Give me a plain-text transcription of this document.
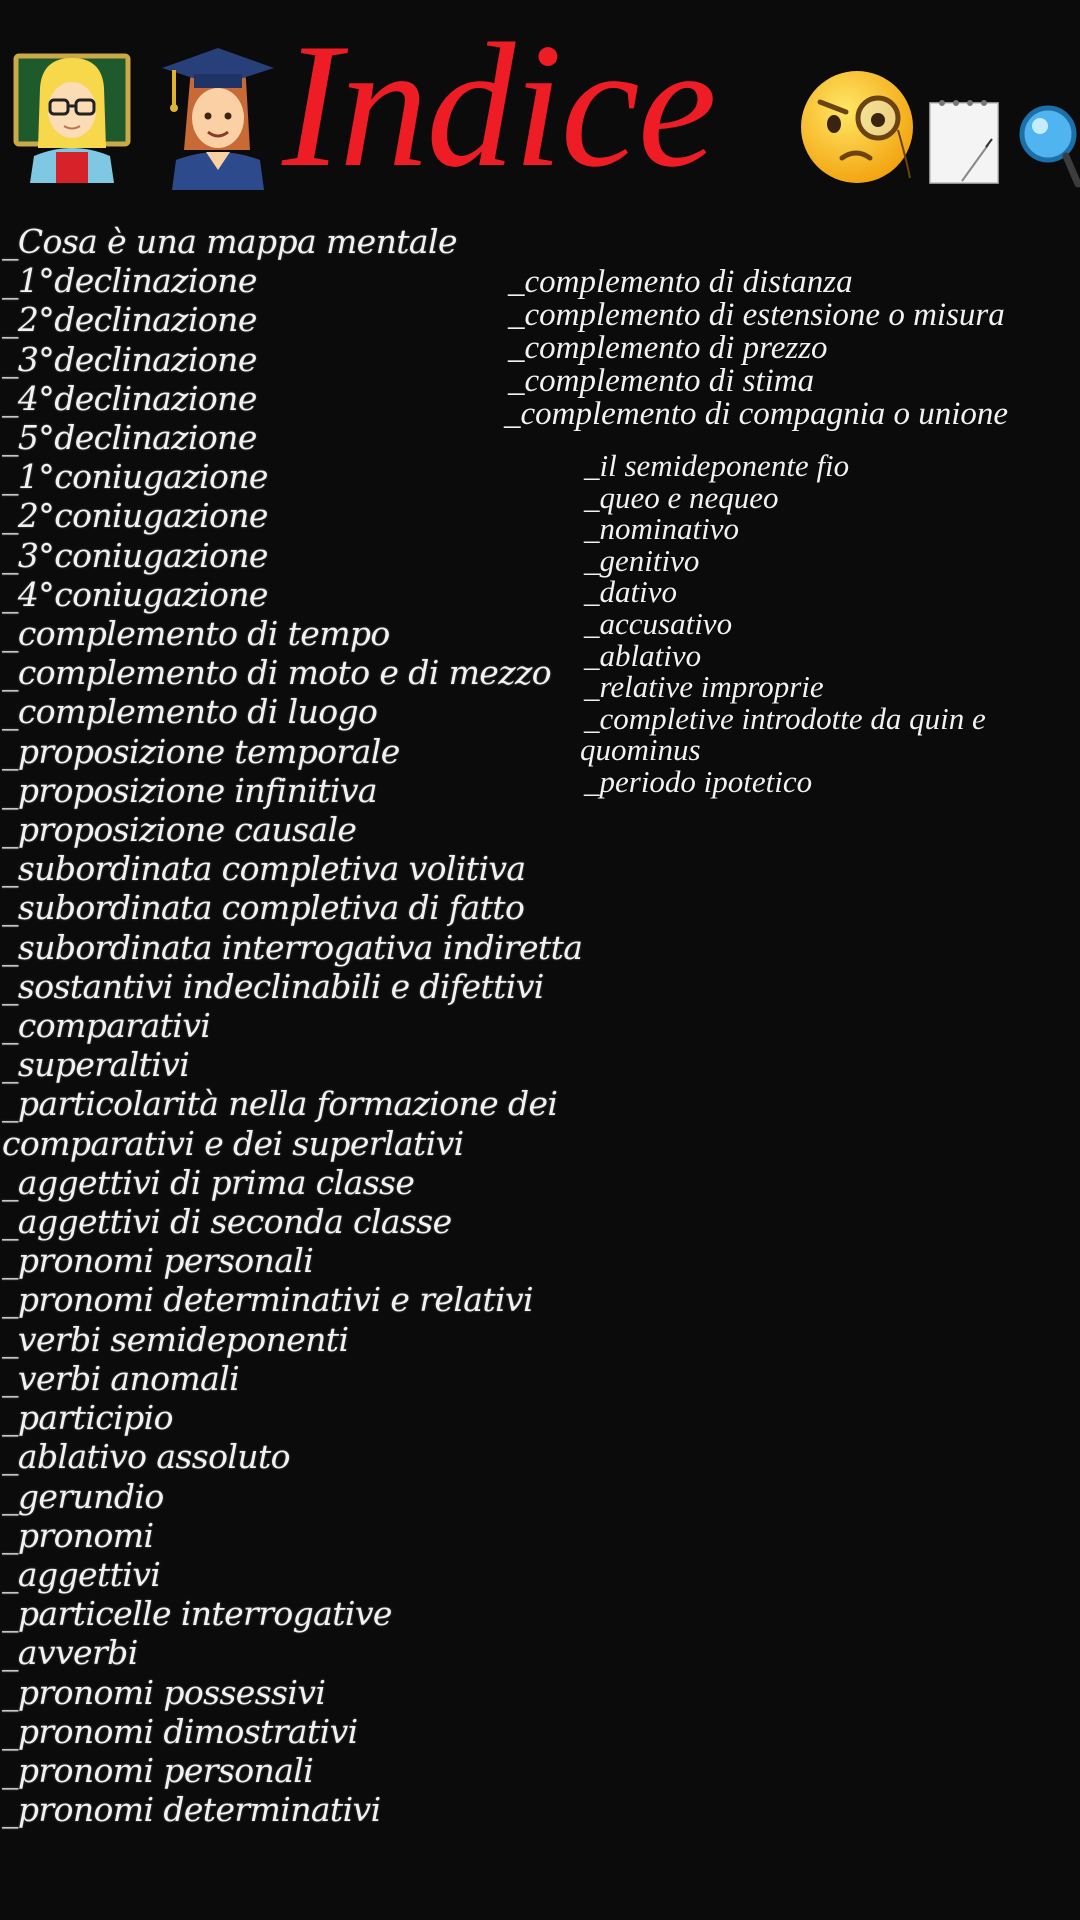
Indice
_Cosa è una mappa mentale
_1°declinazione
_2°declinazione
_3°declinazione
_4°declinazione
_5°declinazione
_1°coniugazione
_2°coniugazione
_3°coniugazione
_4°coniugazione
_complemento di tempo
_complemento di moto e di mezzo
_complemento di luogo
_proposizione temporale
_proposizione infinitiva
_proposizione causale
_subordinata completiva volitiva
_subordinata completiva di fatto
_subordinata interrogativa indiretta
_sostantivi indeclinabili e difettivi
_comparativi
_superaltivi
_particolarità nella formazione dei
comparativi e dei superlativi
_aggettivi di prima classe
_aggettivi di seconda classe
_pronomi personali
_pronomi determinativi e relativi
_verbi semideponenti
_verbi anomali
_participio
_ablativo assoluto
_gerundio
_pronomi
_aggettivi
_particelle interrogative
_avverbi
_pronomi possessivi
_pronomi dimostrativi
_pronomi personali
_pronomi determinativi
_complemento di distanza
_complemento di estensione o misura
_complemento di prezzo
_complemento di stima
_complemento di compagnia o unione
_il semideponente fio
_queo e nequeo
_nominativo
_genitivo
_dativo
_accusativo
_ablativo
_relative improprie
_completive introdotte da quin e
quominus
_periodo ipotetico
